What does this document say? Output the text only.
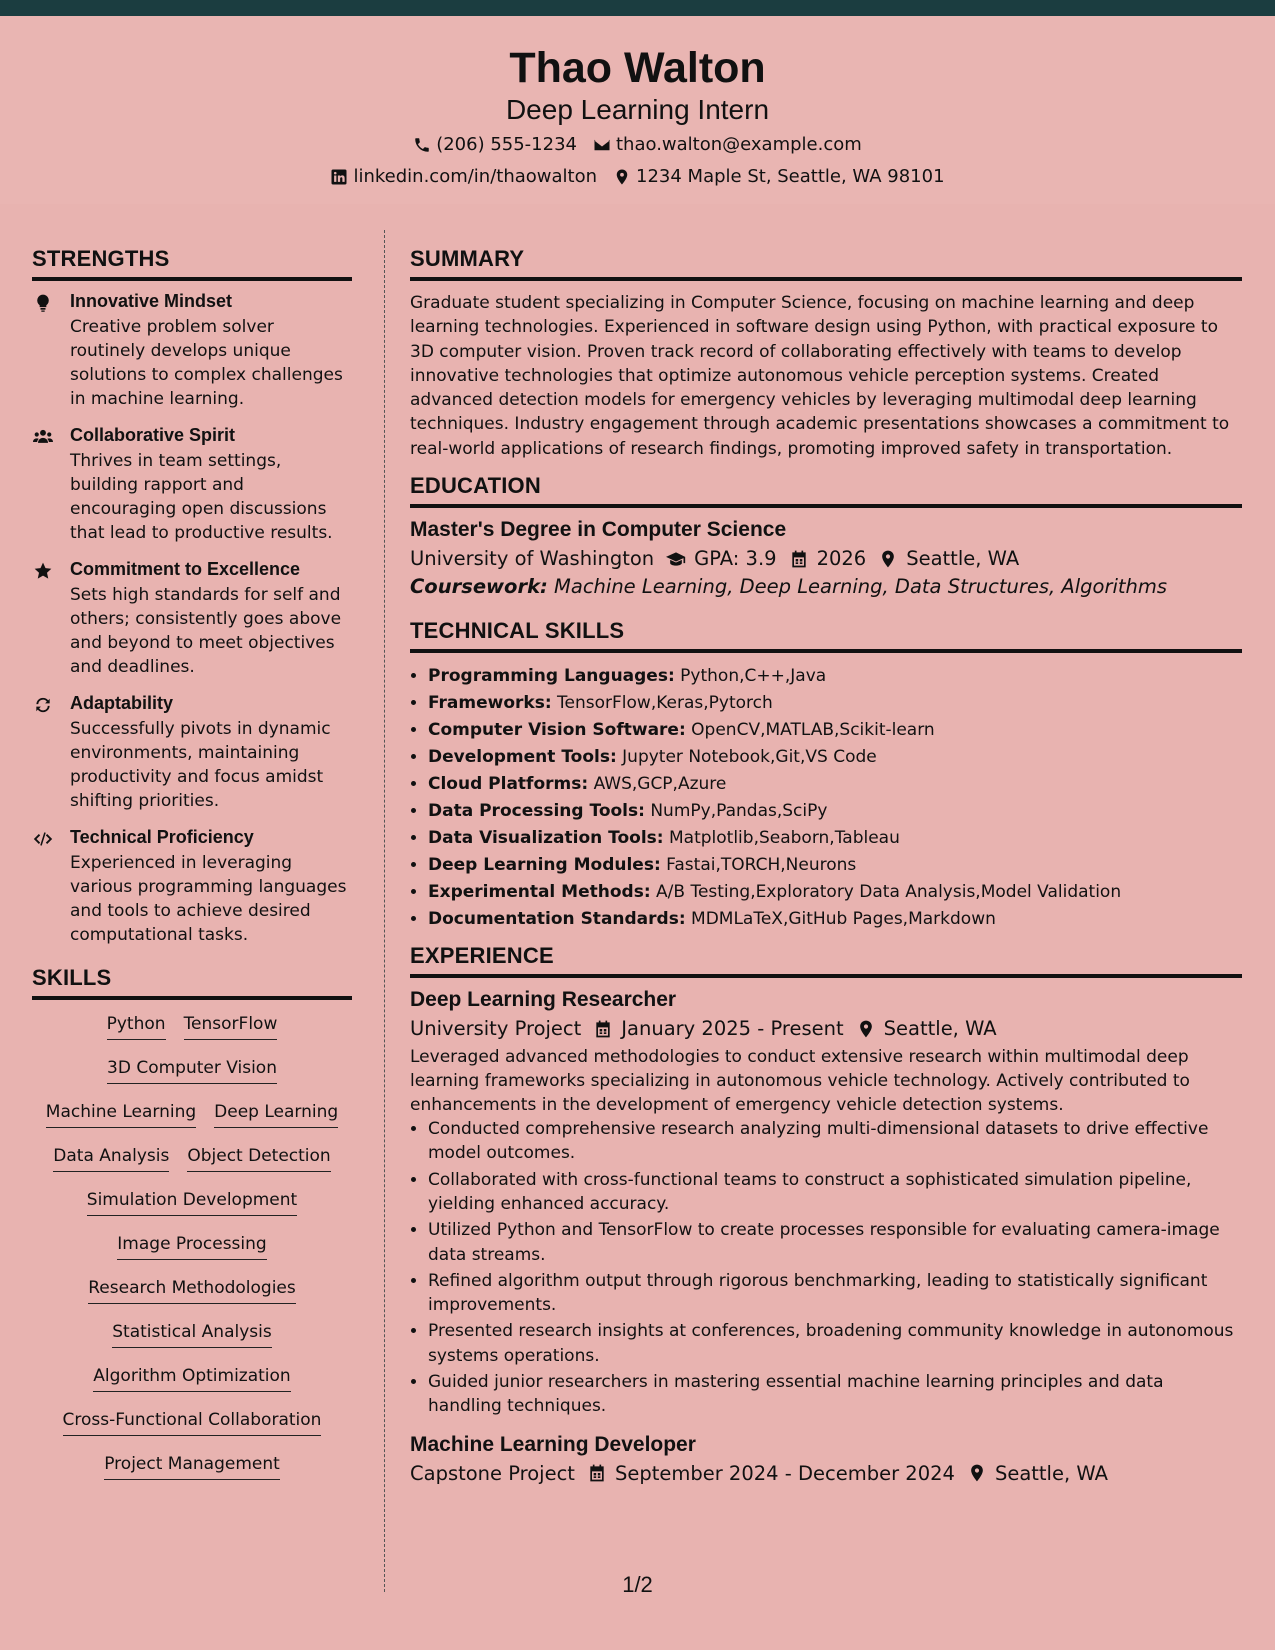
Thao Walton
Deep Learning Intern
(206) 555-1234 thao.walton@example.com
linkedin.com/in/thaowalton 1234 Maple St, Seattle, WA 98101
STRENGTHS
Innovative Mindset
Creative problem solver routinely develops unique solutions to complex challenges in machine learning.
Collaborative Spirit
Thrives in team settings, building rapport and encouraging open discussions that lead to productive results.
Commitment to Excellence
Sets high standards for self and others; consistently goes above and beyond to meet objectives and deadlines.
Adaptability
Successfully pivots in dynamic environments, maintaining productivity and focus amidst shifting priorities.
Technical Proficiency
Experienced in leveraging various programming languages and tools to achieve desired computational tasks.
SKILLS
Python TensorFlow
3D Computer Vision
Machine Learning Deep Learning
Data Analysis Object Detection
Simulation Development
Image Processing
Research Methodologies
Statistical Analysis
Algorithm Optimization
Cross-Functional Collaboration
Project Management
SUMMARY
Graduate student specializing in Computer Science, focusing on machine learning and deep learning technologies. Experienced in software design using Python, with practical exposure to 3D computer vision. Proven track record of collaborating effectively with teams to develop innovative technologies that optimize autonomous vehicle perception systems. Created advanced detection models for emergency vehicles by leveraging multimodal deep learning techniques. Industry engagement through academic presentations showcases a commitment to real-world applications of research findings, promoting improved safety in transportation.
EDUCATION
Master's Degree in Computer Science
University of Washington GPA: 3.9 2026 Seattle, WA
Coursework: Machine Learning, Deep Learning, Data Structures, Algorithms
TECHNICAL SKILLS
• Programming Languages: Python,C++,Java
• Frameworks: TensorFlow,Keras,Pytorch
• Computer Vision Software: OpenCV,MATLAB,Scikit-learn
• Development Tools: Jupyter Notebook,Git,VS Code
• Cloud Platforms: AWS,GCP,Azure
• Data Processing Tools: NumPy,Pandas,SciPy
• Data Visualization Tools: Matplotlib,Seaborn,Tableau
• Deep Learning Modules: Fastai,TORCH,Neurons
• Experimental Methods: A/B Testing,Exploratory Data Analysis,Model Validation
• Documentation Standards: MDMLaTeX,GitHub Pages,Markdown
EXPERIENCE
Deep Learning Researcher
University Project January 2025 - Present Seattle, WA
Leveraged advanced methodologies to conduct extensive research within multimodal deep learning frameworks specializing in autonomous vehicle technology. Actively contributed to enhancements in the development of emergency vehicle detection systems.
• Conducted comprehensive research analyzing multi-dimensional datasets to drive effective model outcomes.
• Collaborated with cross-functional teams to construct a sophisticated simulation pipeline, yielding enhanced accuracy.
• Utilized Python and TensorFlow to create processes responsible for evaluating camera-image data streams.
• Refined algorithm output through rigorous benchmarking, leading to statistically significant improvements.
• Presented research insights at conferences, broadening community knowledge in autonomous systems operations.
• Guided junior researchers in mastering essential machine learning principles and data handling techniques.
Machine Learning Developer
Capstone Project September 2024 - December 2024 Seattle, WA
1/2
